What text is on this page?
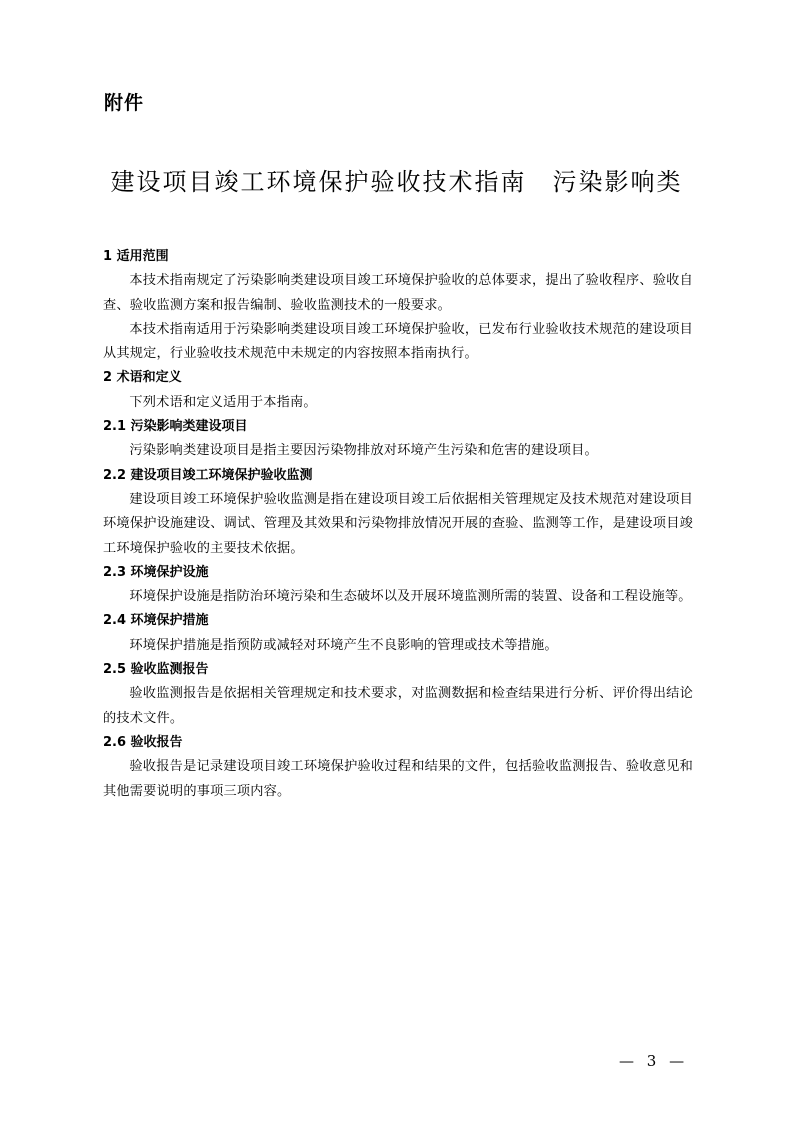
附件
建设项目竣工环境保护验收技术指南 污染影响类
1 适用范围

本技术指南规定了污染影响类建设项目竣工环境保护验收的总体要求，提出了验收程序、验收自查、验收监测方案和报告编制、验收监测技术的一般要求。

本技术指南适用于污染影响类建设项目竣工环境保护验收，已发布行业验收技术规范的建设项目从其规定，行业验收技术规范中未规定的内容按照本指南执行。

2 术语和定义

下列术语和定义适用于本指南。

2.1 污染影响类建设项目

污染影响类建设项目是指主要因污染物排放对环境产生污染和危害的建设项目。

2.2 建设项目竣工环境保护验收监测

建设项目竣工环境保护验收监测是指在建设项目竣工后依据相关管理规定及技术规范对建设项目环境保护设施建设、调试、管理及其效果和污染物排放情况开展的查验、监测等工作，是建设项目竣工环境保护验收的主要技术依据。

2.3 环境保护设施

环境保护设施是指防治环境污染和生态破坏以及开展环境监测所需的装置、设备和工程设施等。

2.4 环境保护措施

环境保护措施是指预防或减轻对环境产生不良影响的管理或技术等措施。

2.5 验收监测报告

验收监测报告是依据相关管理规定和技术要求，对监测数据和检查结果进行分析、评价得出结论的技术文件。

2.6 验收报告

验收报告是记录建设项目竣工环境保护验收过程和结果的文件，包括验收监测报告、验收意见和其他需要说明的事项三项内容。

— 3 —
